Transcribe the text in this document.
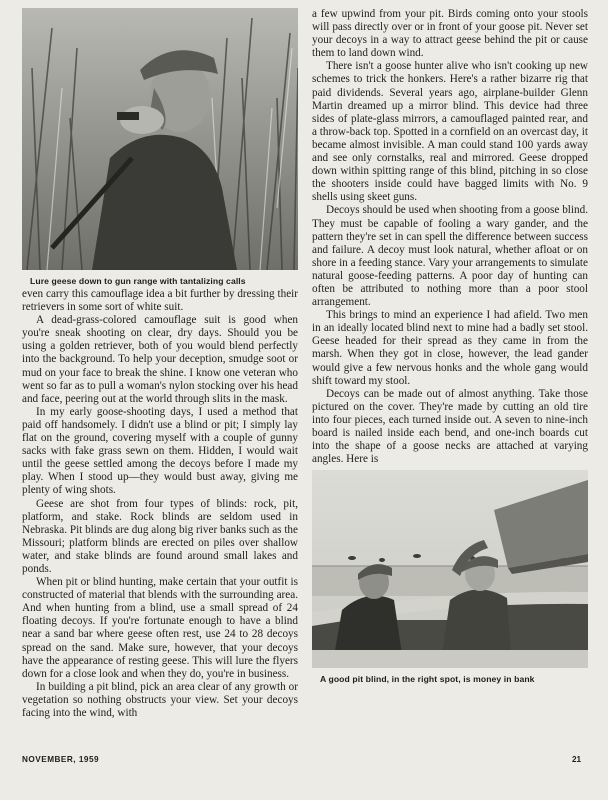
Lure geese down to gun range with tantalizing calls

even carry this camouflage idea a bit further by dressing their retrievers in some sort of white suit.

A dead-grass-colored camouflage suit is good when you're sneak shooting on clear, dry days. Should you be using a golden retriever, both of you would blend perfectly into the background. To help your deception, smudge soot or mud on your face to break the shine. I know one veteran who went so far as to pull a woman's nylon stocking over his head and face, peering out at the world through slits in the mask.

In my early goose-shooting days, I used a method that paid off handsomely. I didn't use a blind or pit; I simply lay flat on the ground, covering myself with a couple of gunny sacks with fake grass sewn on them. Hidden, I would wait until the geese settled among the decoys before I made my play. When I stood up—they would bust away, giving me plenty of wing shots.

Geese are shot from four types of blinds: rock, pit, platform, and stake. Rock blinds are seldom used in Nebraska. Pit blinds are dug along big river banks such as the Missouri; platform blinds are erected on piles over shallow water, and stake blinds are found around small lakes and ponds.

When pit or blind hunting, make certain that your outfit is constructed of material that blends with the surrounding area. And when hunting from a blind, use a small spread of 24 floating decoys. If you're fortunate enough to have a blind near a sand bar where geese often rest, use 24 to 28 decoys spread on the sand. Make sure, however, that your decoys have the appearance of resting geese. This will lure the flyers down for a close look and when they do, you're in business.

In building a pit blind, pick an area clear of any growth or vegetation so nothing obstructs your view. Set your decoys facing into the wind, with

a few upwind from your pit. Birds coming onto your stools will pass directly over or in front of your goose pit. Never set your decoys in a way to attract geese behind the pit or cause them to land down wind.

There isn't a goose hunter alive who isn't cooking up new schemes to trick the honkers. Here's a rather bizarre rig that paid dividends. Several years ago, airplane-builder Glenn Martin dreamed up a mirror blind. This device had three sides of plate-glass mirrors, a camouflaged painted rear, and a throw-back top. Spotted in a cornfield on an overcast day, it became almost invisible. A man could stand 100 yards away and see only cornstalks, real and mirrored. Geese dropped down within spitting range of this blind, pitching in so close the shooters inside could have bagged limits with No. 9 shells using skeet guns.

Decoys should be used when shooting from a goose blind. They must be capable of fooling a wary gander, and the pattern they're set in can spell the difference between success and failure. A decoy must look natural, whether afloat or on shore in a feeding stance. Vary your arrangements to simulate natural goose-feeding patterns. A poor day of hunting can often be attributed to nothing more than a poor stool arrangement.

This brings to mind an experience I had afield. Two men in an ideally located blind next to mine had a badly set stool. Geese headed for their spread as they came in from the marsh. When they got in close, however, the lead gander would give a few nervous honks and the whole gang would shift toward my stool.

Decoys can be made out of almost anything. Take those pictured on the cover. They're made by cutting an old tire into four pieces, each turned inside out. A seven to nine-inch board is nailed inside each bend, and one-inch boards cut into the shape of a goose necks are attached at varying angles. Here is

A good pit blind, in the right spot, is money in bank
NOVEMBER, 1959	21
